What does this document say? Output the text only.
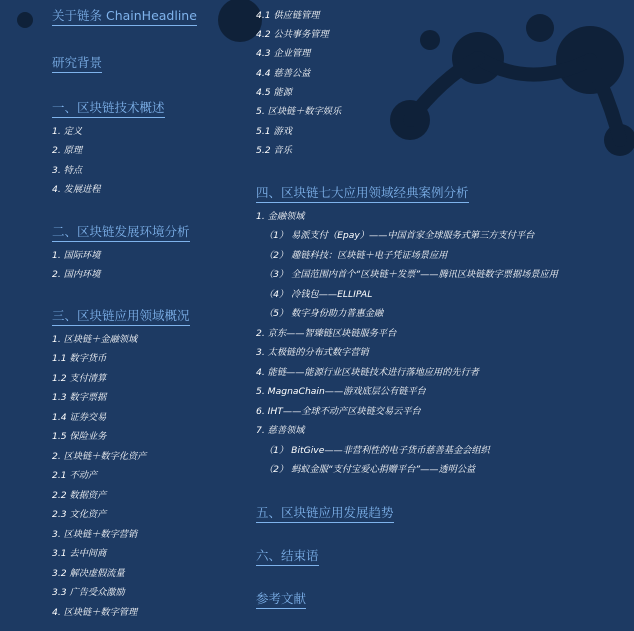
关于链条 ChainHeadline
研究背景
一、区块链技术概述
1. 定义
2. 原理
3. 特点
4. 发展进程
二、区块链发展环境分析
1. 国际环境
2. 国内环境
三、区块链应用领域概况
1. 区块链＋金融领域
1.1 数字货币
1.2 支付清算
1.3 数字票据
1.4 证券交易
1.5 保险业务
2. 区块链＋数字化资产
2.1 不动产
2.2 数据资产
2.3 文化资产
3. 区块链＋数字营销
3.1 去中间商
3.2 解决虚假流量
3.3 广告受众激励
4. 区块链＋数字管理
4.1 供应链管理
4.2 公共事务管理
4.3 企业管理
4.4 慈善公益
4.5 能源
5. 区块链＋数字娱乐
5.1 游戏
5.2 音乐
四、区块链七大应用领域经典案例分析
1. 金融领域
（1） 易派支付（Epay）——中国首家全球服务式第三方支付平台
（2） 趣链科技：区块链＋电子凭证场景应用
（3） 全国范围内首个“区块链＋发票”——腾讯区块链数字票据场景应用
（4） 冷钱包——ELLIPAL
（5） 数字身份助力普惠金融
2. 京东——智臻链区块链服务平台
3. 太极链的分布式数字营销
4. 能链——能源行业区块链技术进行落地应用的先行者
5. MagnaChain——游戏底层公有链平台
6. IHT——全球不动产区块链交易云平台
7. 慈善领域
（1） BitGive——非营利性的电子货币慈善基金会组织
（2） 蚂蚁金服“支付宝爱心捐赠平台”——透明公益
五、区块链应用发展趋势
六、结束语
参考文献
